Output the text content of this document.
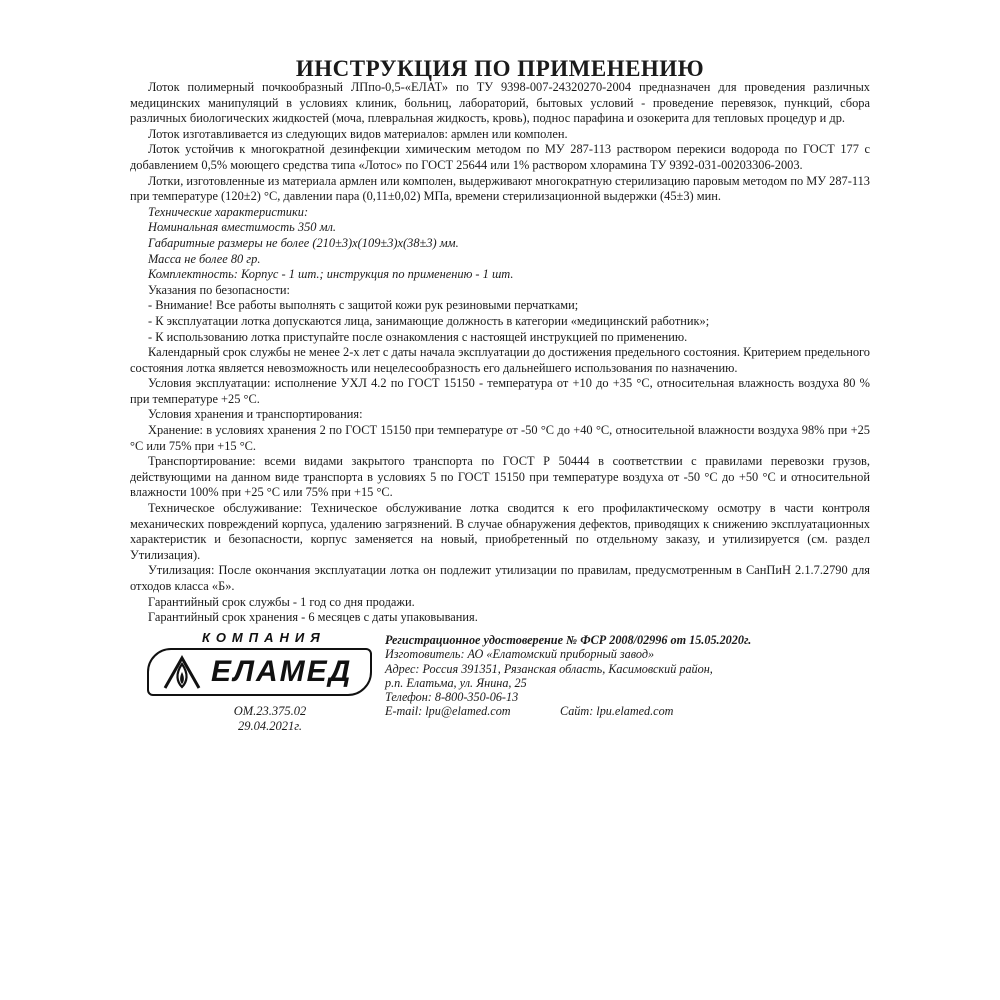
ИНСТРУКЦИЯ ПО ПРИМЕНЕНИЮ

Лоток полимерный почкообразный ЛПпо-0,5-«ЕЛАТ» по ТУ 9398-007-24320270-2004 предназначен для проведения различных медицинских манипуляций в условиях клиник, больниц, лабораторий, бытовых условий - проведение перевязок, пункций, сбора различных биологических жидкостей (моча, плевральная жидкость, кровь), поднос парафина и озокерита для тепловых процедур и др.

Лоток изготавливается из следующих видов материалов: армлен или комполен.

Лоток устойчив к многократной дезинфекции химическим методом по МУ 287-113 раствором перекиси водорода по ГОСТ 177 с добавлением 0,5% моющего средства типа «Лотос» по ГОСТ 25644 или 1% раствором хлорамина ТУ 9392-031-00203306-2003.

Лотки, изготовленные из материала армлен или комполен, выдерживают многократную стерилизацию паровым методом по МУ 287-113 при температуре (120±2) °С, давлении пара (0,11±0,02) МПа, времени стерилизационной выдержки (45±3) мин.

Технические характеристики:

Номинальная вместимость 350 мл.

Габаритные размеры не более (210±3)х(109±3)х(38±3) мм.

Масса не более 80 гр.

Комплектность: Корпус - 1 шт.; инструкция по применению - 1 шт.

Указания по безопасности:

- Внимание! Все работы выполнять с защитой кожи рук резиновыми перчатками;

- К эксплуатации лотка допускаются лица, занимающие должность в категории «медицинский работник»;

- К использованию лотка приступайте после ознакомления с настоящей инструкцией по применению.

Календарный срок службы не менее 2-х лет с даты начала эксплуатации до достижения предельного состояния. Критерием предельного состояния лотка является невозможность или нецелесообразность его дальнейшего использования по назначению.

Условия эксплуатации: исполнение УХЛ 4.2 по ГОСТ 15150 - температура от +10 до +35 °С, относительная влажность воздуха 80 % при температуре +25 °С.

Условия хранения и транспортирования:

Хранение: в условиях хранения 2 по ГОСТ 15150 при температуре от -50 °С до +40 °С, относительной влажности воздуха 98% при +25 °С или 75% при +15 °С.

Транспортирование: всеми видами закрытого транспорта по ГОСТ Р 50444 в соответствии с правилами перевозки грузов, действующими на данном виде транспорта в условиях 5 по ГОСТ 15150 при температуре воздуха от -50 °С до +50 °С и относительной влажности 100% при +25 °С или 75% при +15 °С.

Техническое обслуживание: Техническое обслуживание лотка сводится к его профилактическому осмотру в части контроля механических повреждений корпуса, удалению загрязнений. В случае обнаружения дефектов, приводящих к снижению эксплуатационных характеристик и безопасности, корпус заменяется на новый, приобретенный по отдельному заказу, и утилизируется (см. раздел Утилизация).

Утилизация: После окончания эксплуатации лотка он подлежит утилизации по правилам, предусмотренным в СанПиН 2.1.7.2790 для отходов класса «Б».

Гарантийный срок службы - 1 год со дня продажи.

Гарантийный срок хранения - 6 месяцев с даты упаковывания.

КОМПАНИЯ
ЕЛАМЕД
ОМ.23.375.02
29.04.2021г.
Регистрационное удостоверение № ФСР 2008/02996 от 15.05.2020г.
Изготовитель: АО «Елатомский приборный завод»
Адрес: Россия 391351, Рязанская область, Касимовский район,
р.п. Елатьма, ул. Янина, 25
Телефон: 8-800-350-06-13
E-mail: lpu@elamed.com	Сайт: lpu.elamed.com
